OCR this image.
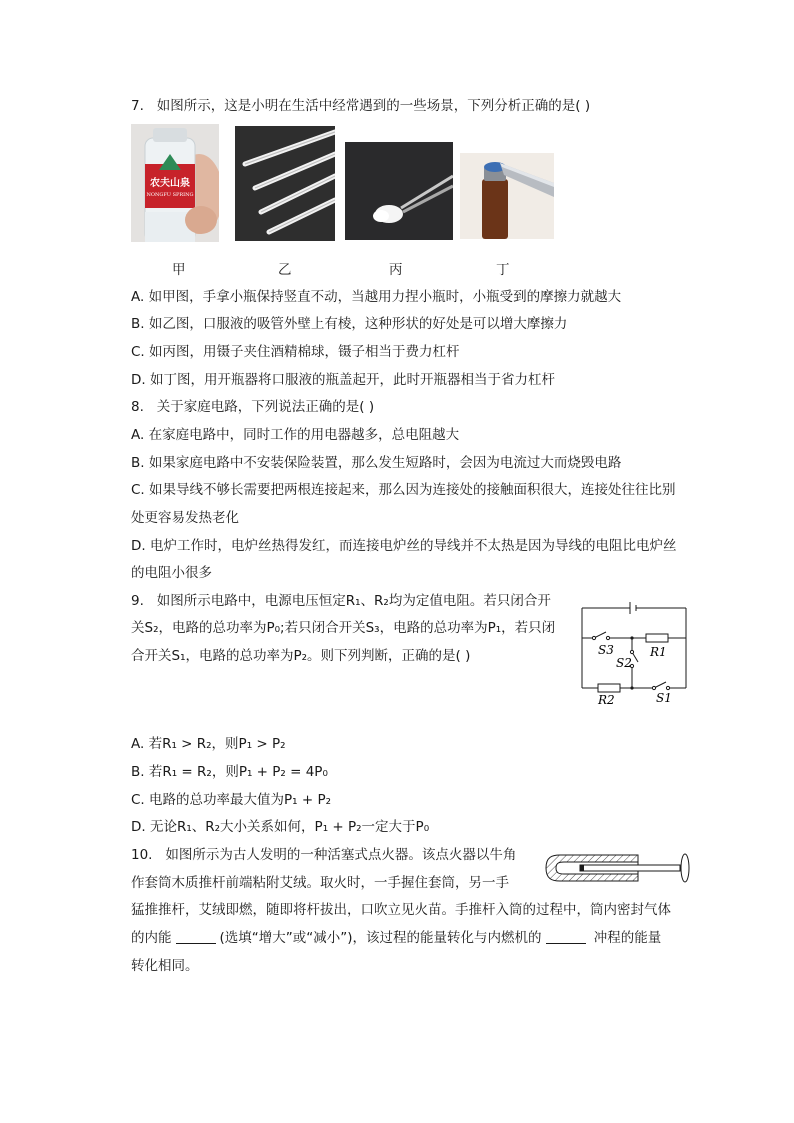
7. 如图所示，这是小明在生活中经常遇到的一些场景，下列分析正确的是( )
农夫山泉
NONGFU SPRING
甲	乙	丙	丁
A. 如甲图，手拿小瓶保持竖直不动，当越用力捏小瓶时，小瓶受到的摩擦力就越大
B. 如乙图，口服液的吸管外壁上有棱，这种形状的好处是可以增大摩擦力
C. 如丙图，用镊子夹住酒精棉球，镊子相当于费力杠杆
D. 如丁图，用开瓶器将口服液的瓶盖起开，此时开瓶器相当于省力杠杆
8. 关于家庭电路，下列说法正确的是( )
A. 在家庭电路中，同时工作的用电器越多，总电阻越大
B. 如果家庭电路中不安装保险装置，那么发生短路时，会因为电流过大而烧毁电路
C. 如果导线不够长需要把两根连接起来，那么因为连接处的接触面积很大，连接处往往比别
处更容易发热老化
D. 电炉工作时，电炉丝热得发红，而连接电炉丝的导线并不太热是因为导线的电阻比电炉丝
的电阻小很多
9. 如图所示电路中，电源电压恒定R₁、R₂均为定值电阻。若只闭合开
关S₂，电路的总功率为P₀;若只闭合开关S₃，电路的总功率为P₁，若只闭
合开关S₁，电路的总功率为P₂。则下列判断，正确的是( )	S3
S2
R1
R2	S1
A. 若R₁ > R₂，则P₁ > P₂
B. 若R₁ = R₂，则P₁ + P₂ = 4P₀
C. 电路的总功率最大值为P₁ + P₂
D. 无论R₁、R₂大小关系如何，P₁ + P₂一定大于P₀
10. 如图所示为古人发明的一种活塞式点火器。该点火器以牛角
作套筒木质推杆前端粘附艾绒。取火时，一手握住套筒，另一手
猛推推杆，艾绒即燃，随即将杆拔出，口吹立见火苗。手推杆入筒的过程中，筒内密封气体
的内能	(选填“增大”或“减小”)，该过程的能量转化与内燃机的	冲程的能量
转化相同。
